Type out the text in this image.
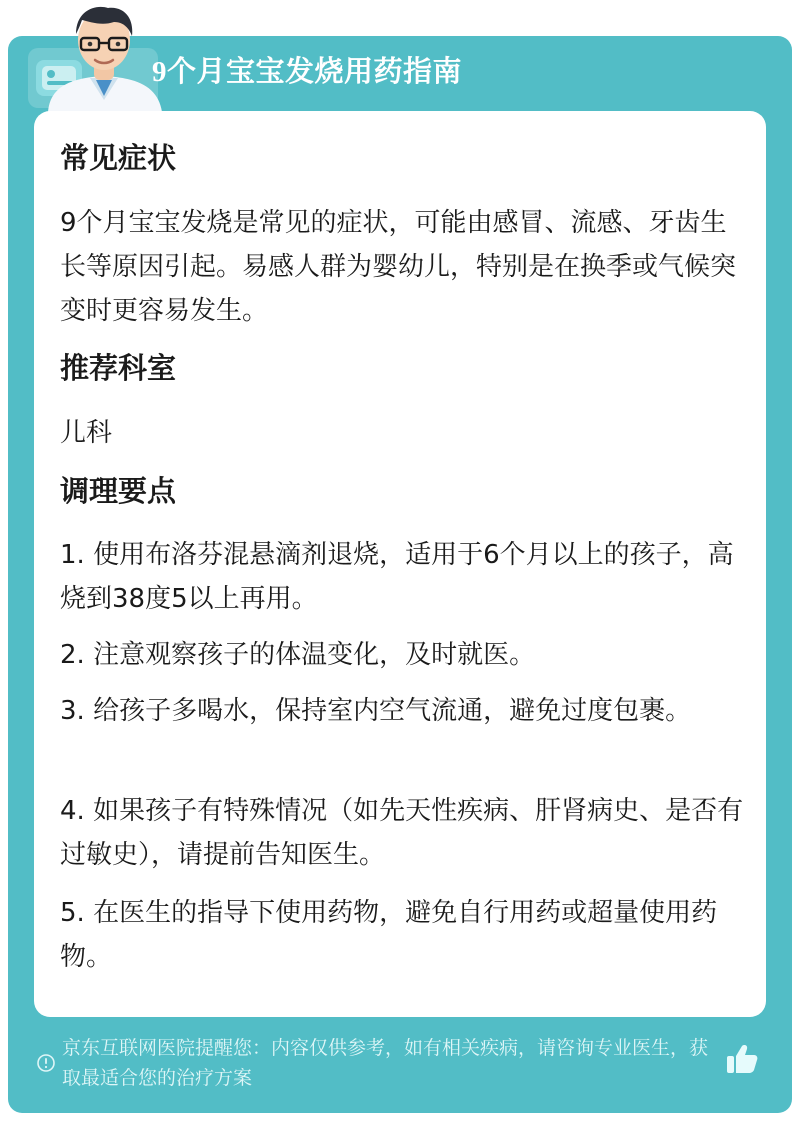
9个月宝宝发烧用药指南
常见症状

9个月宝宝发烧是常见的症状，可能由感冒、流感、牙齿生长等原因引起。易感人群为婴幼儿，特别是在换季或气候突变时更容易发生。

推荐科室

儿科

调理要点

1. 使用布洛芬混悬滴剂退烧，适用于6个月以上的孩子，高烧到38度5以上再用。

2. 注意观察孩子的体温变化，及时就医。

3. 给孩子多喝水，保持室内空气流通，避免过度包裹。

4. 如果孩子有特殊情况（如先天性疾病、肝肾病史、是否有过敏史），请提前告知医生。

5. 在医生的指导下使用药物，避免自行用药或超量使用药物。

京东互联网医院提醒您：内容仅供参考，如有相关疾病，请咨询专业医生，获取最适合您的治疗方案
